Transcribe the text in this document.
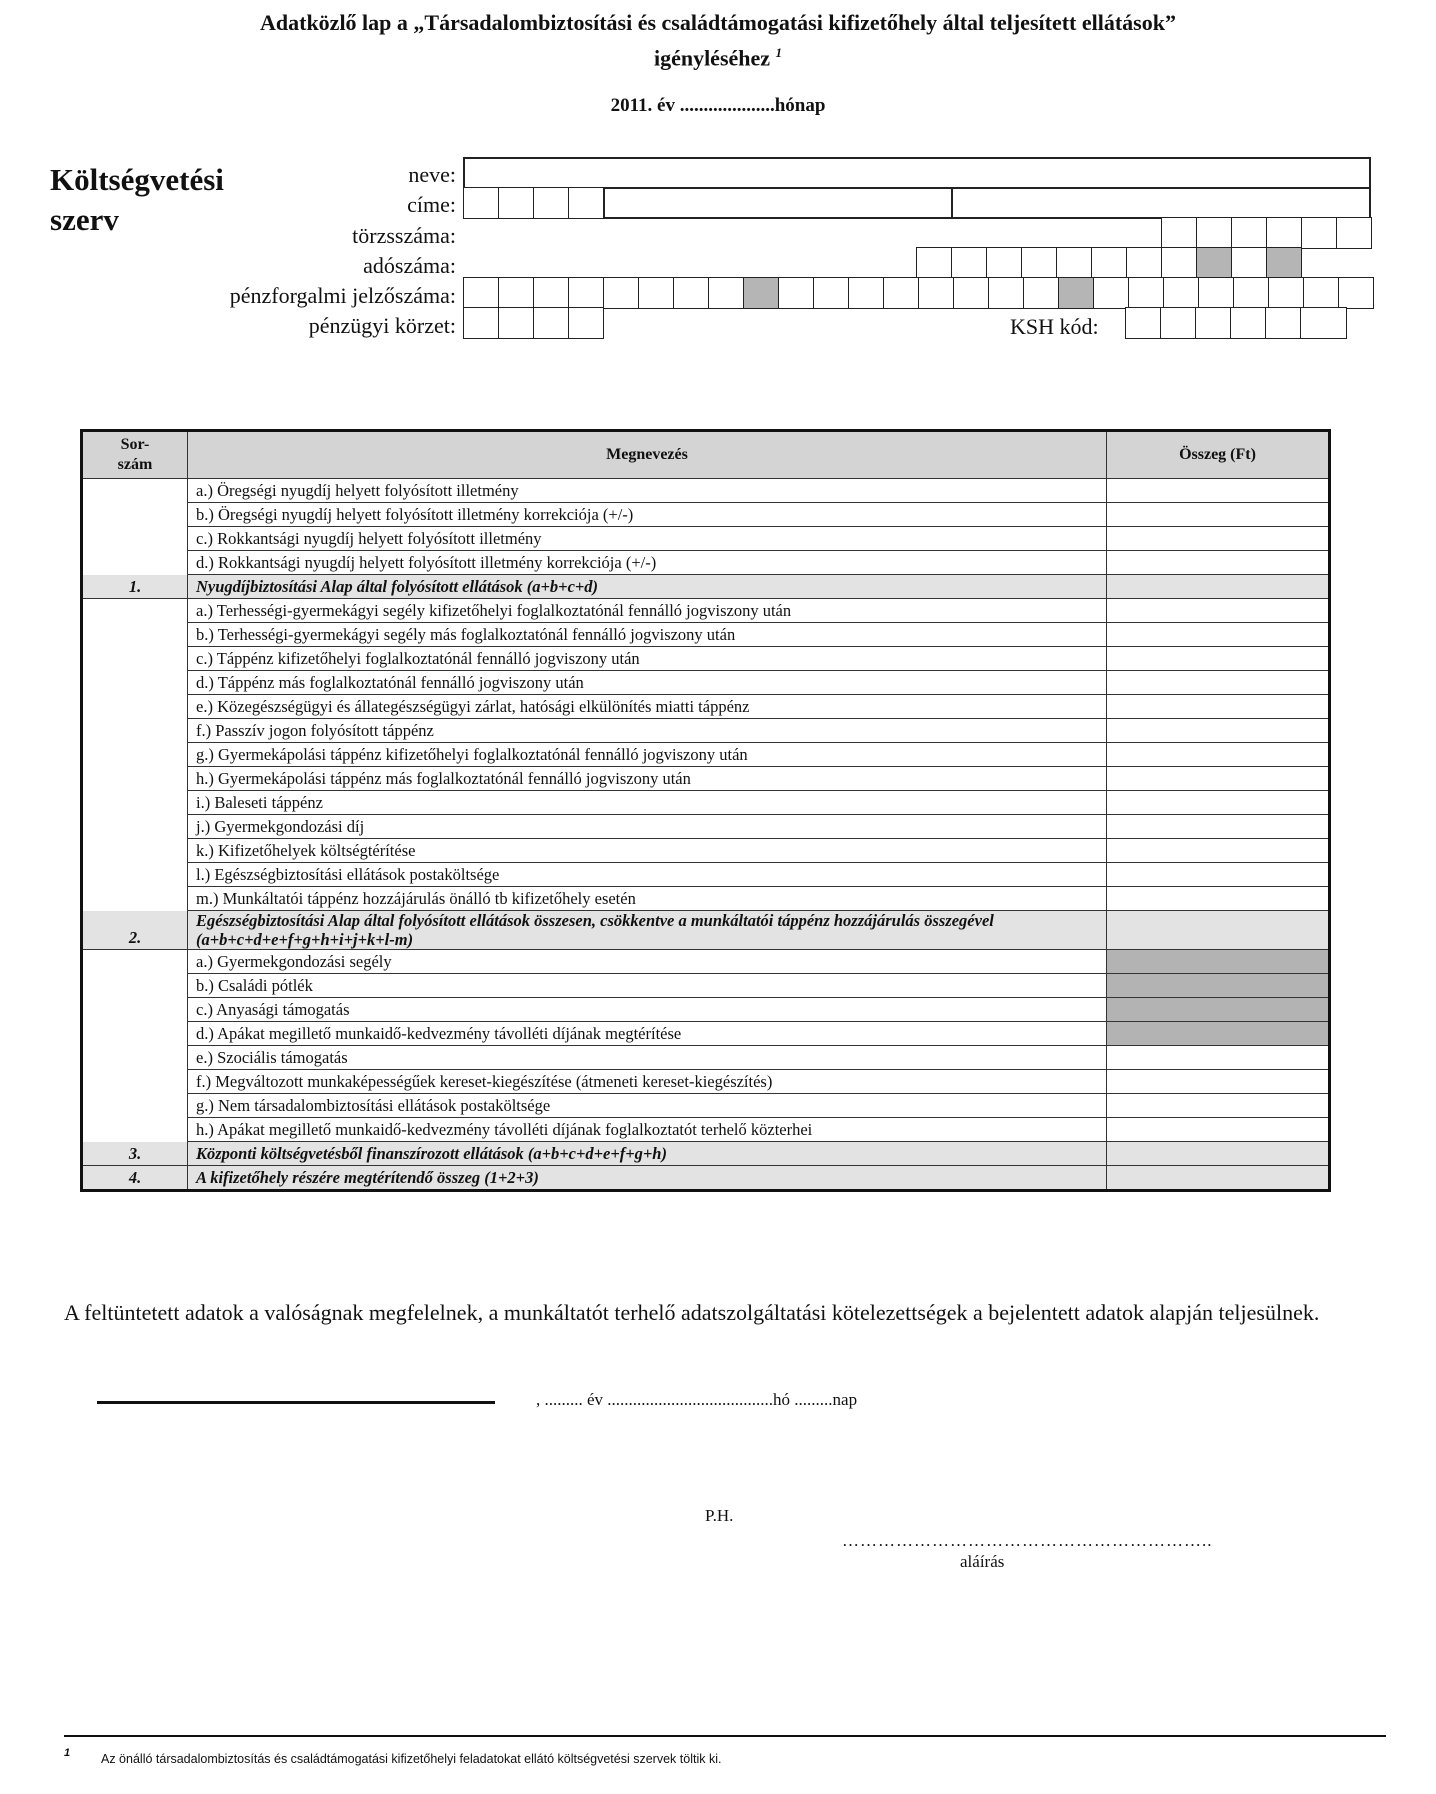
Adatközlő lap a „Társadalombiztosítási és családtámogatási kifizetőhely által teljesített ellátások”
igényléséhez $^1$
2011. év ....................hónap
Költségvetési
szerv
neve:
címe:
törzsszáma:
adószáma:
pénzforgalmi jelzőszáma:
pénzügyi körzet:	KSH kód:
Sor-
szám	Megnevezés	Összeg (Ft)
	a.) Öregségi nyugdíj helyett folyósított illetmény	
	b.) Öregségi nyugdíj helyett folyósított illetmény korrekciója (+/-)	
	c.) Rokkantsági nyugdíj helyett folyósított illetmény	
	d.) Rokkantsági nyugdíj helyett folyósított illetmény korrekciója (+/-)	
1.	Nyugdíjbiztosítási Alap által folyósított ellátások (a+b+c+d)	
	a.) Terhességi-gyermekágyi segély kifizetőhelyi foglalkoztatónál fennálló jogviszony után	
	b.) Terhességi-gyermekágyi segély más foglalkoztatónál fennálló jogviszony után	
	c.) Táppénz kifizetőhelyi foglalkoztatónál fennálló jogviszony után	
	d.) Táppénz más foglalkoztatónál fennálló jogviszony után	
	e.) Közegészségügyi és állategészségügyi zárlat, hatósági elkülönítés miatti táppénz	
	f.) Passzív jogon folyósított táppénz	
	g.) Gyermekápolási táppénz kifizetőhelyi foglalkoztatónál fennálló jogviszony után	
	h.) Gyermekápolási táppénz más foglalkoztatónál fennálló jogviszony után	
	i.) Baleseti táppénz	
	j.) Gyermekgondozási díj	
	k.) Kifizetőhelyek költségtérítése	
	l.) Egészségbiztosítási ellátások postaköltsége	
	m.) Munkáltatói táppénz hozzájárulás önálló tb kifizetőhely esetén	
2.	Egészségbiztosítási Alap által folyósított ellátások összesen, csökkentve a munkáltatói táppénz hozzájárulás összegével (a+b+c+d+e+f+g+h+i+j+k+l-m)	
	a.) Gyermekgondozási segély	
	b.) Családi pótlék	
	c.) Anyasági támogatás	
	d.) Apákat megillető munkaidő-kedvezmény távolléti díjának megtérítése	
	e.) Szociális támogatás	
	f.) Megváltozott munkaképességűek kereset-kiegészítése (átmeneti kereset-kiegészítés)	
	g.) Nem társadalombiztosítási ellátások postaköltsége	
	h.) Apákat megillető munkaidő-kedvezmény távolléti díjának foglalkoztatót terhelő közterhei	
3.	Központi költségvetésből finanszírozott ellátások (a+b+c+d+e+f+g+h)	
4.	A kifizetőhely részére megtérítendő összeg (1+2+3)	
A feltüntetett adatok a valóságnak megfelelnek, a munkáltatót terhelő adatszolgáltatási kötelezettségek a bejelentett adatok alapján teljesülnek.
, ......... év .......................................hó .........nap
P.H.
……………………………………………………..
aláírás
1 Az önálló társadalombiztosítás és családtámogatási kifizetőhelyi feladatokat ellátó költségvetési szervek töltik ki.
